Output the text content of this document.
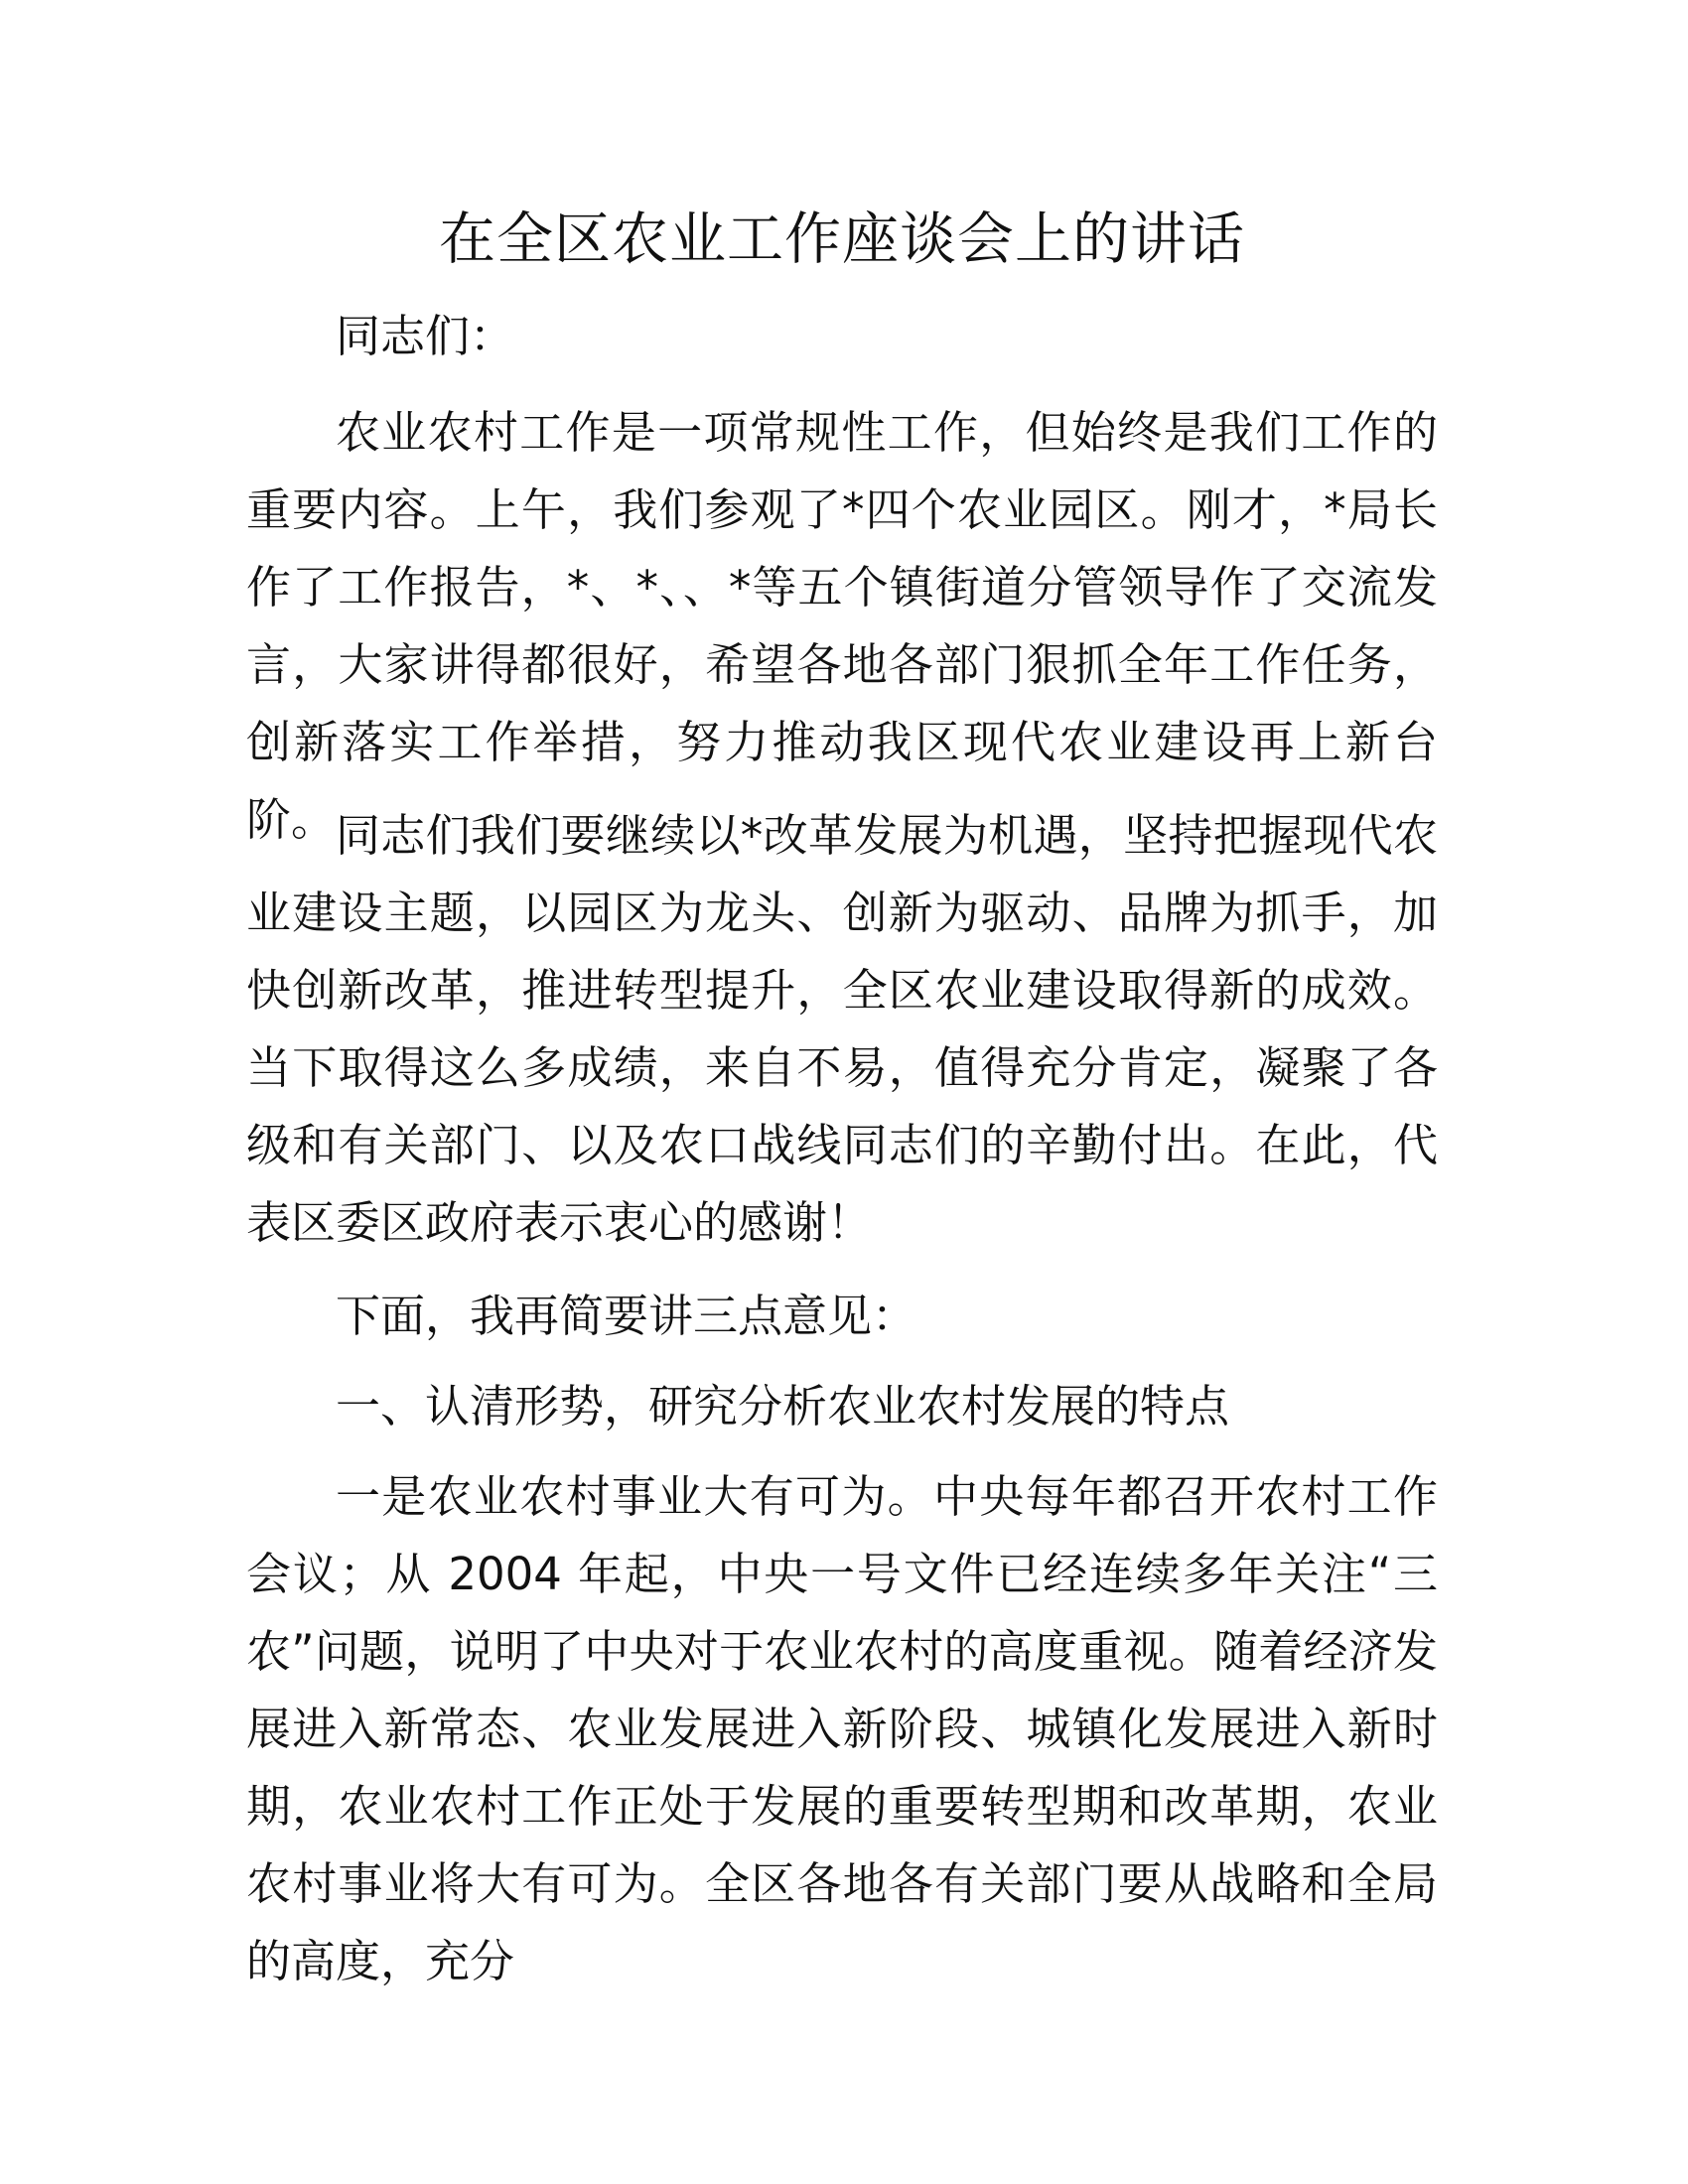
在全区农业工作座谈会上的讲话

同志们：

农业农村工作是一项常规性工作，但始终是我们工作的重要内容。上午，我们参观了*四个农业园区。刚才，*局长作了工作报告，*、*、、*等五个镇街道分管领导作了交流发言，大家讲得都很好，希望各地各部门狠抓全年工作任务，创新落实工作举措，努力推动我区现代农业建设再上新台阶。 同志们我们要继续以*改革发展为机遇，坚持把握现代农业建设主题，以园区为龙头、创新为驱动、品牌为抓手，加快创新改革，推进转型提升，全区农业建设取得新的成效。当下取得这么多成绩，来自不易，值得充分肯定，凝聚了各级和有关部门、以及农口战线同志们的辛勤付出。在此，代表区委区政府表示衷心的感谢！

下面，我再简要讲三点意见：

一、认清形势，研究分析农业农村发展的特点

一是农业农村事业大有可为。中央每年都召开农村工作会议；从 2004 年起，中央一号文件已经连续多年关注“三农”问题，说明了中央对于农业农村的高度重视。随着经济发展进入新常态、农业发展进入新阶段、城镇化发展进入新时期，农业农村工作正处于发展的重要转型期和改革期，农业农村事业将大有可为。全区各地各有关部门要从战略和全局的高度，充分
